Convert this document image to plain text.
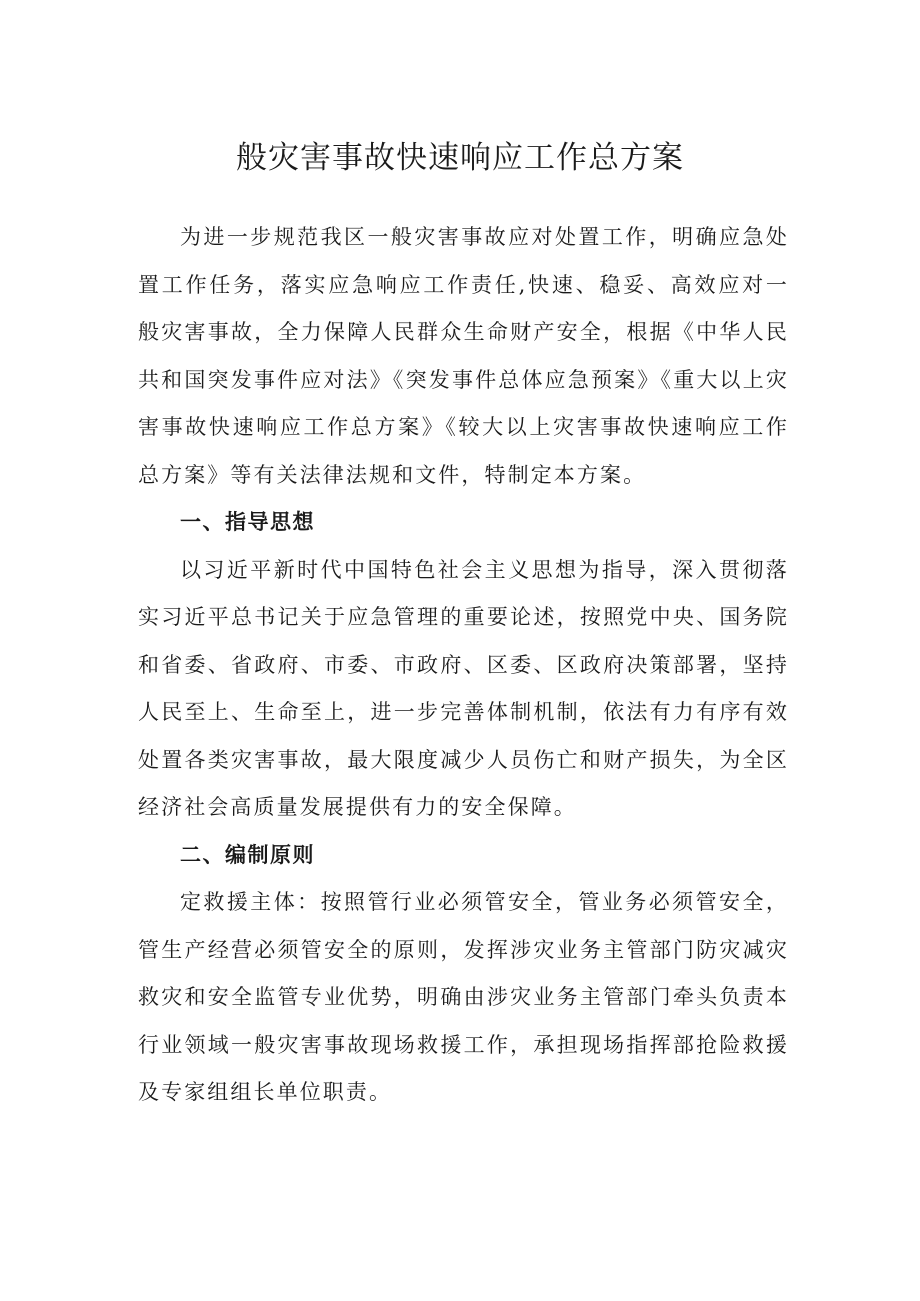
般灾害事故快速响应工作总方案

为进一步规范我区一般灾害事故应对处置工作，明确应急处置工作任务，落实应急响应工作责任,快速、稳妥、高效应对一般灾害事故，全力保障人民群众生命财产安全，根据《中华人民共和国突发事件应对法》《突发事件总体应急预案》《重大以上灾害事故快速响应工作总方案》《较大以上灾害事故快速响应工作总方案》等有关法律法规和文件，特制定本方案。

一、指导思想

以习近平新时代中国特色社会主义思想为指导，深入贯彻落实习近平总书记关于应急管理的重要论述，按照党中央、国务院和省委、省政府、市委、市政府、区委、区政府决策部署，坚持人民至上、生命至上，进一步完善体制机制，依法有力有序有效处置各类灾害事故，最大限度减少人员伤亡和财产损失，为全区经济社会高质量发展提供有力的安全保障。

二、编制原则

定救援主体：按照管行业必须管安全，管业务必须管安全，管生产经营必须管安全的原则，发挥涉灾业务主管部门防灾减灾救灾和安全监管专业优势，明确由涉灾业务主管部门牵头负责本行业领域一般灾害事故现场救援工作，承担现场指挥部抢险救援及专家组组长单位职责。
